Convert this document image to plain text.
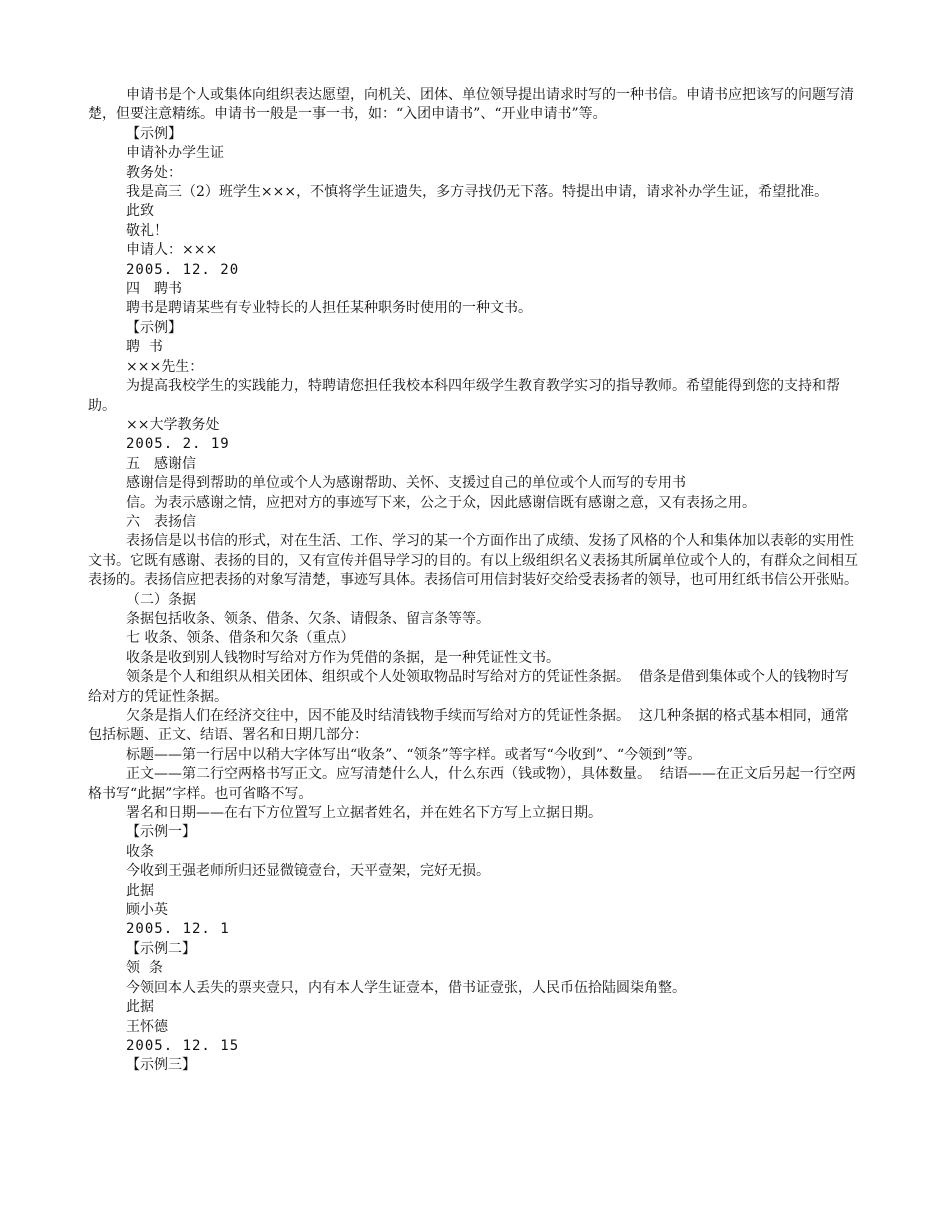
申请书是个人或集体向组织表达愿望，向机关、团体、单位领导提出请求时写的一种书信。申请书应把该写的问题写清楚，但要注意精练。申请书一般是一事一书，如：“入团申请书”、“开业申请书”等。
【示例】
申请补办学生证
教务处：
我是高三（2）班学生×××，不慎将学生证遗失，多方寻找仍无下落。特提出申请，请求补办学生证，希望批准。
此致
敬礼！
申请人：×××
2005. 12. 20
四　聘书
聘书是聘请某些有专业特长的人担任某种职务时使用的一种文书。
【示例】
聘  书
×××先生：
为提高我校学生的实践能力，特聘请您担任我校本科四年级学生教育教学实习的指导教师。希望能得到您的支持和帮助。
××大学教务处
2005. 2. 19
五　感谢信
感谢信是得到帮助的单位或个人为感谢帮助、关怀、支援过自己的单位或个人而写的专用书
信。为表示感谢之情，应把对方的事迹写下来，公之于众，因此感谢信既有感谢之意，又有表扬之用。
六　表扬信
表扬信是以书信的形式，对在生活、工作、学习的某一个方面作出了成绩、发扬了风格的个人和集体加以表彰的实用性文书。它既有感谢、表扬的目的，又有宣传并倡导学习的目的。有以上级组织名义表扬其所属单位或个人的，有群众之间相互表扬的。表扬信应把表扬的对象写清楚，事迹写具体。表扬信可用信封装好交给受表扬者的领导，也可用红纸书信公开张贴。
（二）条据
条据包括收条、领条、借条、欠条、请假条、留言条等等。
七 收条、领条、借条和欠条（重点）
收条是收到别人钱物时写给对方作为凭借的条据，是一种凭证性文书。
领条是个人和组织从相关团体、组织或个人处领取物品时写给对方的凭证性条据。  借条是借到集体或个人的钱物时写给对方的凭证性条据。
欠条是指人们在经济交往中，因不能及时结清钱物手续而写给对方的凭证性条据。  这几种条据的格式基本相同，通常包括标题、正文、结语、署名和日期几部分：
标题——第一行居中以稍大字体写出“收条”、“领条”等字样。或者写“今收到”、“今领到”等。
正文——第二行空两格书写正文。应写清楚什么人，什么东西（钱或物），具体数量。  结语——在正文后另起一行空两格书写“此据”字样。也可省略不写。
署名和日期——在右下方位置写上立据者姓名，并在姓名下方写上立据日期。
【示例一】
收条
今收到王强老师所归还显微镜壹台，天平壹架，完好无损。
此据
顾小英
2005. 12. 1
【示例二】
领  条
今领回本人丢失的票夹壹只，内有本人学生证壹本，借书证壹张，人民币伍拾陆圆柒角整。
此据
王怀德
2005. 12. 15
【示例三】
